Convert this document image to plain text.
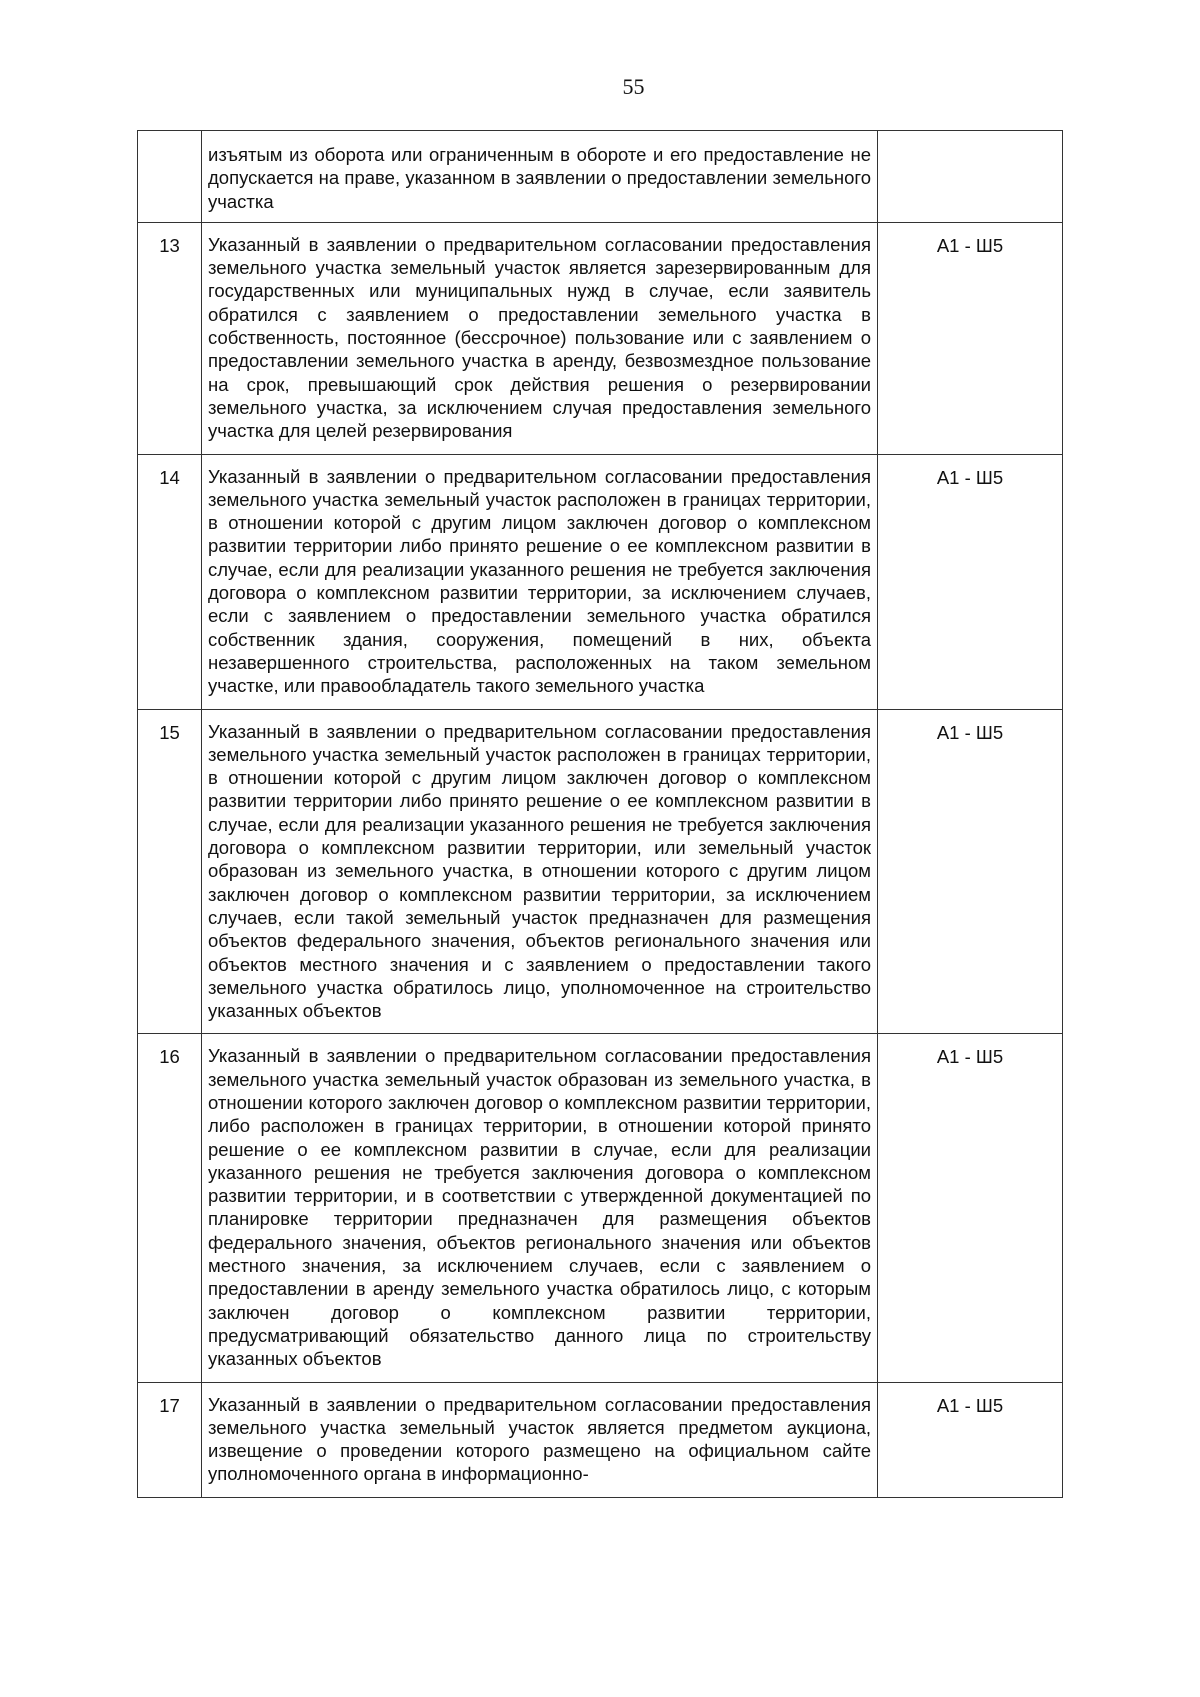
55
	изъятым из оборота или ограниченным в обороте и его предоставление не допускается на праве, указанном в заявлении о предоставлении земельного участка	
13	Указанный в заявлении о предварительном согласовании предоставления земельного участка земельный участок является зарезервированным для государственных или муниципальных нужд в случае, если заявитель обратился с заявлением о предоставлении земельного участка в собственность, постоянное (бессрочное) пользование или с заявлением о предоставлении земельного участка в аренду, безвозмездное пользование на срок, превышающий срок действия решения о резервировании земельного участка, за исключением случая предоставления земельного участка для целей резервирования	А1 - Ш5
14	Указанный в заявлении о предварительном согласовании предоставления земельного участка земельный участок расположен в границах территории, в отношении которой с другим лицом заключен договор о комплексном развитии территории либо принято решение о ее комплексном развитии в случае, если для реализации указанного решения не требуется заключения договора о комплексном развитии территории, за исключением случаев, если с заявлением о предоставлении земельного участка обратился собственник здания, сооружения, помещений в них, объекта незавершенного строительства, расположенных на таком земельном участке, или правообладатель такого земельного участка	А1 - Ш5
15	Указанный в заявлении о предварительном согласовании предоставления земельного участка земельный участок расположен в границах территории, в отношении которой с другим лицом заключен договор о комплексном развитии территории либо принято решение о ее комплексном развитии в случае, если для реализации указанного решения не требуется заключения договора о комплексном развитии территории, или земельный участок образован из земельного участка, в отношении которого с другим лицом заключен договор о комплексном развитии территории, за исключением случаев, если такой земельный участок предназначен для размещения объектов федерального значения, объектов регионального значения или объектов местного значения и с заявлением о предоставлении такого земельного участка обратилось лицо, уполномоченное на строительство указанных объектов	А1 - Ш5
16	Указанный в заявлении о предварительном согласовании предоставления земельного участка земельный участок образован из земельного участка, в отношении которого заключен договор о комплексном развитии территории, либо расположен в границах территории, в отношении которой принято решение о ее комплексном развитии в случае, если для реализации указанного решения не требуется заключения договора о комплексном развитии территории, и в соответствии с утвержденной документацией по планировке территории предназначен для размещения объектов федерального значения, объектов регионального значения или объектов местного значения, за исключением случаев, если с заявлением о предоставлении в аренду земельного участка обратилось лицо, с которым заключен договор о комплексном развитии территории, предусматривающий обязательство данного лица по строительству указанных объектов	А1 - Ш5
17	Указанный в заявлении о предварительном согласовании предоставления земельного участка земельный участок является предметом аукциона, извещение о проведении которого размещено на официальном сайте уполномоченного органа в информационно-	А1 - Ш5
